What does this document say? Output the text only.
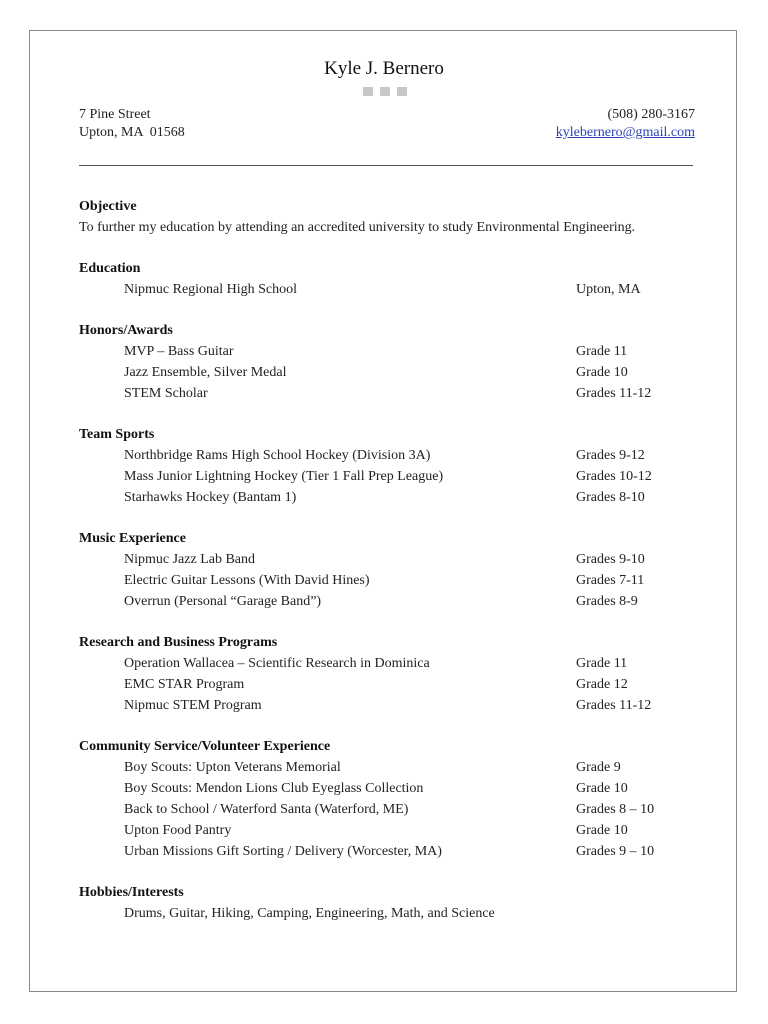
Kyle J. Bernero
7 Pine Street
Upton, MA  01568
(508) 280-3167
kylebernero@gmail.com
Objective
To further my education by attending an accredited university to study Environmental Engineering.
Education
Nipmuc Regional High School	Upton, MA
Honors/Awards
MVP – Bass Guitar	Grade 11
Jazz Ensemble, Silver Medal	Grade 10
STEM Scholar	Grades 11-12
Team Sports
Northbridge Rams High School Hockey (Division 3A)	Grades 9-12
Mass Junior Lightning Hockey (Tier 1 Fall Prep League)	Grades 10-12
Starhawks Hockey (Bantam 1)	Grades 8-10
Music Experience
Nipmuc Jazz Lab Band	Grades 9-10
Electric Guitar Lessons (With David Hines)	Grades 7-11
Overrun (Personal “Garage Band”)	Grades 8-9
Research and Business Programs
Operation Wallacea – Scientific Research in Dominica	Grade 11
EMC STAR Program	Grade 12
Nipmuc STEM Program	Grades 11-12
Community Service/Volunteer Experience
Boy Scouts: Upton Veterans Memorial	Grade 9
Boy Scouts: Mendon Lions Club Eyeglass Collection	Grade 10
Back to School / Waterford Santa (Waterford, ME)	Grades 8 – 10
Upton Food Pantry	Grade 10
Urban Missions Gift Sorting / Delivery (Worcester, MA)	Grades 9 – 10
Hobbies/Interests
Drums, Guitar, Hiking, Camping, Engineering, Math, and Science
